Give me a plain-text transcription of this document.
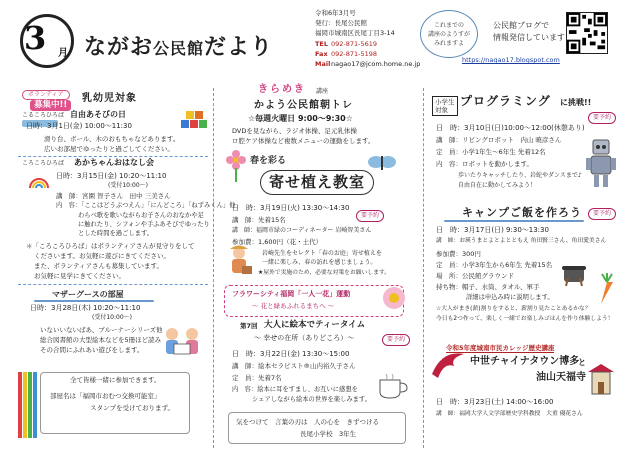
3 月 ながお公民館だより
令和6年3月号
発行：長尾公民館
福岡市城南区長尾丁目3-14
TEL 092-871-5619
Fax 092-871-5198
Mailnagao17@jcom.home.ne.jp
これまでの
講座のようすが
みれますよ
公民館ブログで
情報発信しています
https://nagao17.blogspot.com
ボランティア
募集中!!
乳幼児対象
こるころひろば 自由あそびの日
日時：3月1日(金) 10:00～11:30
滑り台、ボール、木のおもちゃなどあります。
広いお部屋でゆったりと過ごしてください。
ころころひろば あかちゃんおはなし会
日時：3月15日(金) 10:20～11:10
(受付10:00～)
講　師：宮園 智子さん　田中 三美さん
内　容：「ここはどうぶつえん」「にんどころ」「ねずみくん」他
わらべ歌を歌いながらお子さんのおなかや足
に触れたり、シフォンや手ふあそびでゆったり
とした時間を過ごします。
＊「ころころひろば」はボランティアさんが見守りをして
くださいます。お気軽に遊びにきてください。
また、ボランティアさんも募集しています。
お気軽に見学にきてください。
マザーグースの部屋
日時：3月28日(木) 10:20～11:10
(受付10:00～)
いないいないばあ、ブルーナーシリーズ他
総合図書館の大型絵本などを5冊ほど読み
その合間にふれあい遊びをします。
全て皆様一緒に参加できます。
部屋名は「福岡市おむつ交換可能室」
スタンプを受けておりまず。
きらめき 講座
かよう公民館朝トレ
☆毎週火曜日 9:00～9:30☆
DVDを見ながら、ラジオ体操、足元乳体操
ロ腔ケア体操など複数メニューの運動をします。
春を彩る
寄せ植え教室
要予約
日　時：3月19日(火) 13:30～14:30
講　師：先着15名
講　師：福岡市緑のコーディネーター 岩崎智美さん
参加費：1,600円（花・土代）
岩崎先生をセレクト「春のお庭」寄せ植えを
一緒に楽しみ、春の訪れを感じましょう。
★屋外で実施のため、必要な対策をお願いします。
フラワーシティ福岡「一人一花」運動
～ 花と緑あふれるまちへ ～
第7回 大人に絵本でティータイム
～ 幸せの在所（ありどころ）～	要予約
日　時：3月22日(金) 13:30～15:00
講　師：絵本セラピスト®山内裕久子さん
定　員：先着7名
内　容：絵本に耳をすまし、お互いに感想を
シェアしながら絵本の世界を楽しみます。
気をつけて　言葉の刃は　人の心を　きずつける
長尾小学校　3年生
小学生
対象
プログラミング に挑戦!!
要予約
日　時：3月10日(日)10:00～12:00(休憩あり)
講　師：リビングロボット　内山 暁彦さん
定　員：小学1年生～6年生 先着12名
内　容：ロボットを動かします。
歩いたりキャッチしたり、岩蛇やダンスまで♪
自由自在に動かしてみよう！
キャンプご飯を作ろう	要予約
日　時：3月17日(日) 9:30～13:30
講　師：お瑛うまとよとよとともえ 角田賢三さん、角田愛美さん
参加費：300円
定　員：小学3年生から6年生 先着15名
場　所：公民館グラウンド
持ち物：帽子、水筒、タオル、軍手
詳細は申込み時に説明します。
☆大人がまき(薪)割りをすると、薪割り見たことあるかな？
今日も2つ作って、楽しく一緒でお楽しみゴはんを作り体験しよう！
令和5年度城南市民カレッジ歴史講座
中世チャイナタウン博多
と
油山天福寺
日　時：3月23日(土) 14:00～16:00
講　師：福岡大学人文学部歴史学科教授　大重 優花さん
